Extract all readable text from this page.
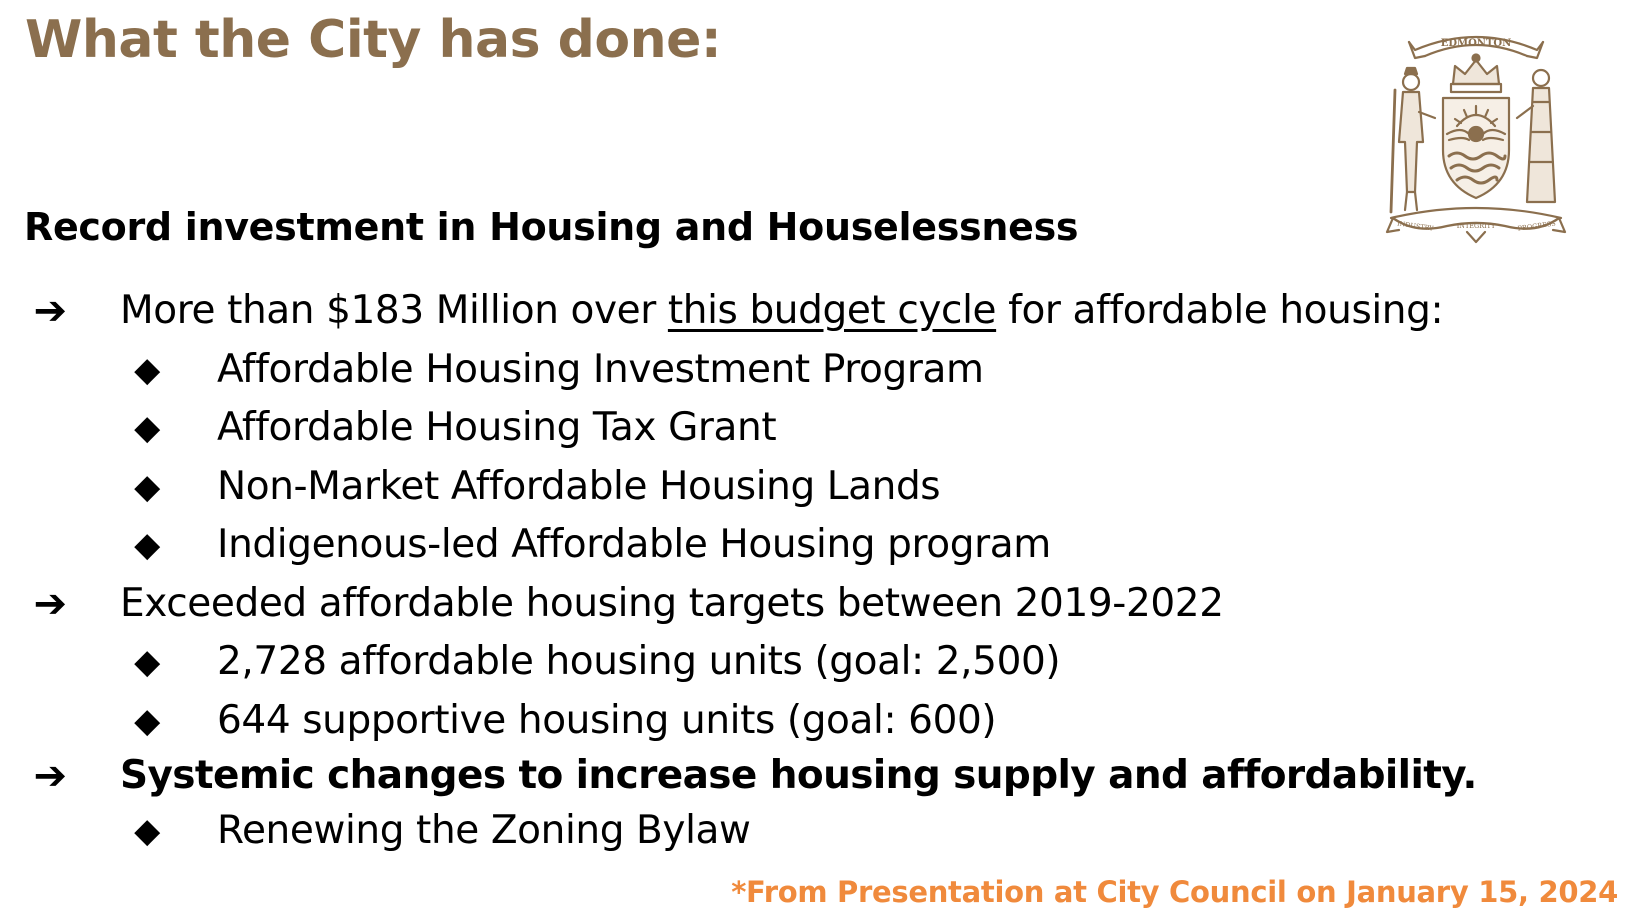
What the City has done:	EDMONTON
INDUSTRY	INTEGRITY	PROGRESS
Record investment in Housing and Houselessness
➔ More than $183 Million over this budget cycle for affordable housing:
◆ Affordable Housing Investment Program
◆ Affordable Housing Tax Grant
◆ Non-Market Affordable Housing Lands
◆ Indigenous-led Affordable Housing program
➔ Exceeded affordable housing targets between 2019-2022
◆ 2,728 affordable housing units (goal: 2,500)
◆ 644 supportive housing units (goal: 600)
➔ Systemic changes to increase housing supply and affordability.
◆ Renewing the Zoning Bylaw

*From Presentation at City Council on January 15, 2024
